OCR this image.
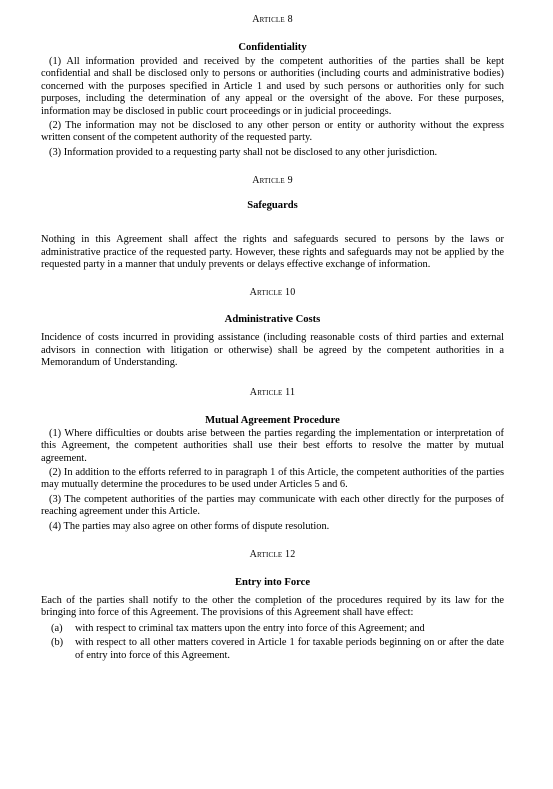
Article 8
Confidentiality

(1) All information provided and received by the competent authorities of the parties shall be kept confidential and shall be disclosed only to persons or authorities (including courts and administrative bodies) concerned with the purposes specified in Article 1 and used by such persons or authorities only for such purposes, including the determination of any appeal or the oversight of the above. For these purposes, information may be disclosed in public court proceedings or in judicial proceedings.

(2) The information may not be disclosed to any other person or entity or authority without the express written consent of the competent authority of the requested party.

(3) Information provided to a requesting party shall not be disclosed to any other jurisdiction.

Article 9
Safeguards

Nothing in this Agreement shall affect the rights and safeguards secured to persons by the laws or administrative practice of the requested party. However, these rights and safeguards may not be applied by the requested party in a manner that unduly prevents or delays effective exchange of information.

Article 10
Administrative Costs

Incidence of costs incurred in providing assistance (including reasonable costs of third parties and external advisors in connection with litigation or otherwise) shall be agreed by the competent authorities in a Memorandum of Understanding.

Article 11
Mutual Agreement Procedure

(1) Where difficulties or doubts arise between the parties regarding the implementation or interpretation of this Agreement, the competent authorities shall use their best efforts to resolve the matter by mutual agreement.

(2) In addition to the efforts referred to in paragraph 1 of this Article, the competent authorities of the parties may mutually determine the procedures to be used under Articles 5 and 6.

(3) The competent authorities of the parties may communicate with each other directly for the purposes of reaching agreement under this Article.

(4) The parties may also agree on other forms of dispute resolution.

Article 12
Entry into Force

Each of the parties shall notify to the other the completion of the procedures required by its law for the bringing into force of this Agreement. The provisions of this Agreement shall have effect:

(a)	with respect to criminal tax matters upon the entry into force of this Agreement; and
(b)	with respect to all other matters covered in Article 1 for taxable periods beginning on or after the date of entry into force of this Agreement.
